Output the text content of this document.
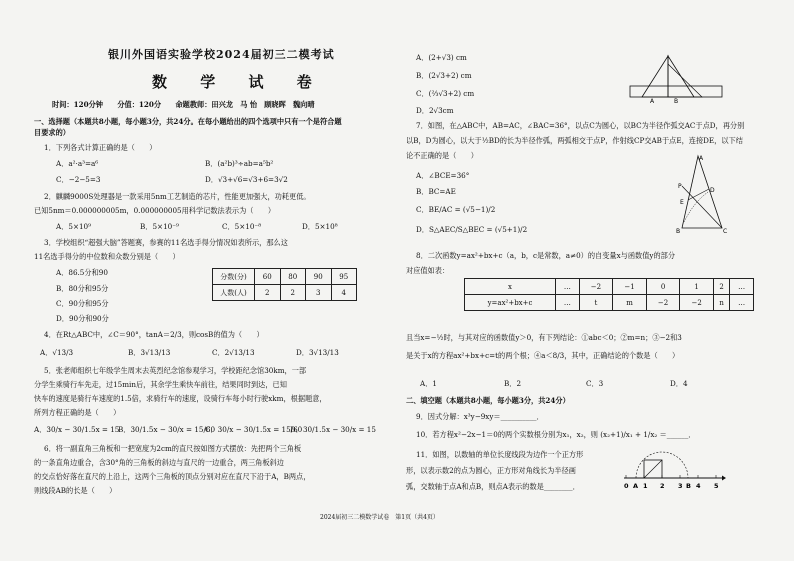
银川外国语实验学校2024届初三二模考试
数 学 试 卷
时间：120分钟　　分值：120分　　命题教师：田兴龙　马 怡　顾晓晖　魏向晴
一、选择题（本题共8小题，每小题3分，共24分。在每小题给出的四个选项中只有一个是符合题
目要求的）
1．下列各式计算正确的是（　　）
A．a²·a³=a⁶	B．(a²b)³÷ab=a⁵b²
C．−2−5=3	D．√3+√6=√3+6=3√2
2．麒麟9000S处理器是一款采用5nm工艺制造的芯片，性能更加强大，功耗更低。
已知5nm＝0.000000005m，0.000000005用科学记数法表示为（　　）
A．5×10⁹	B．5×10⁻⁹	C．5×10⁻⁸	D．5×10⁸
3．学校组织“超强大脑”答题赛，参赛的11名选手得分情况如表所示，那么这
11名选手得分的中位数和众数分别是（　　）
A．86.5分和90
B．80分和95分
C．90分和95分
D．90分和90分
分数(分)	60	80	90	95
人数(人)	2	2	3	4
4．在Rt△ABC中，∠C＝90°，tanA＝2/3，则cosB的值为（　　）
A．√13/3	B．3√13/13	C．2√13/13	D．3√13/13
5．张老师组织七年级学生周末去英烈纪念馆参观学习，学校距纪念馆30km，一部
分学生乘骑行车先走，过15min后，其余学生乘快车前往，结果同时到达，已知
快车的速度是骑行车速度的1.5倍，求骑行车的速度，设骑行车每小时行驶xkm，根据题意，
所列方程正确的是（　　）
A．30/x − 30/1.5x = 15
B．30/1.5x − 30/x = 15/60
C．30/x − 30/1.5x = 15/60
D．30/1.5x − 30/x = 15
6．将一副直角三角板和一把宽度为2cm的直尺按如图方式摆放：先把两个三角板
的一条直角边重合，含30°角的三角板的斜边与直尺的一边重合，两三角板斜边
的交点恰好落在直尺的上沿上，这两个三角板的顶点分别对应在直尺下沿于A，B两点，
则线段AB的长是（　　）
A．(2+√3) cm
B．(2√3+2) cm
C．(⅔√3+2) cm
D．2√3cm
A	B
7．如图，在△ABC中，AB=AC，∠BAC=36°，以点C为圆心，以BC为半径作弧交AC于点D，再分别
以B，D为圆心，以大于½BD的长为半径作弧，两弧相交于点P，作射线CP交AB于点E，连接DE，以下结
论不正确的是（　　）
A．∠BCE=36°
B．BC=AE
C．BE/AC = (√5−1)/2
D．S△AEC/S△BEC = (√5+1)/2
A
P
E
D
B	C
8．二次函数y=ax²+bx+c（a，b，c是常数，a≠0）的自变量x与函数值y的部分
对应值如表：
x	…	−2	−1	0	1	2	…
y=ax²+bx+c	…	t	m	−2	−2	n	…
且当x=−½时，与其对应的函数值y＞0，有下列结论：①abc＜0；②m=n；③−2和3
是关于x的方程ax²+bx+c=t的两个根；④a＜8/3，其中，正确结论的个数是（　　）
A．1	B．2	C．3	D．4
二、填空题（本题共8小题，每小题3分，共24分）
9．因式分解：x³y−9xy＝__________．
10．若方程x²−2x−1＝0的两个实数根分别为x₁，x₂，则 (x₂+1)/x₁ + 1/x₂ ＝______．
11．如图，以数轴的单位长度线段为边作一个正方形
形，以表示数2的点为圆心，正方形对角线长为半径画
弧，交数轴于点A和点B，则点A表示的数是________．	0 A 1 2 3 B 4 5
2024届初三二模数学试卷　第1页（共4页）
